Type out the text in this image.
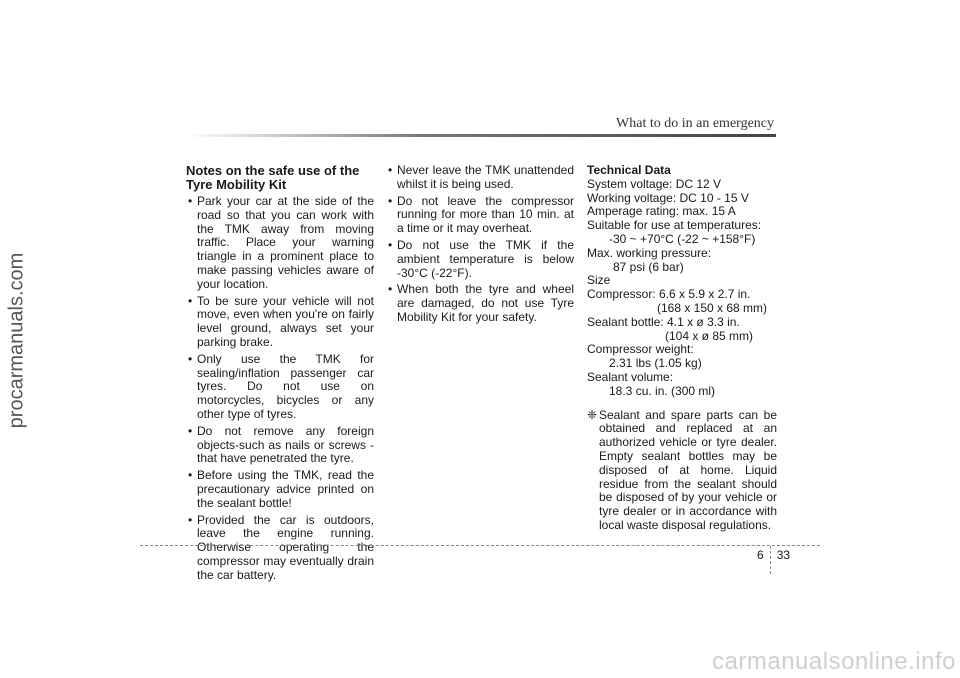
procarmanuals.com
What to do in an emergency
Notes on the safe use of the
Tyre Mobility Kit
• Park your car at the side of the road so that you can work with the TMK away from moving traffic. Place your warning triangle in a prominent place to make passing vehicles aware of your location.
• To be sure your vehicle will not move, even when you're on fairly level ground, always set your parking brake.
• Only use the TMK for sealing/inflation passenger car tyres. Do not use on motorcycles, bicycles or any other type of tyres.
• Do not remove any foreign objects-such as nails or screws -that have penetrated the tyre.
• Before using the TMK, read the precautionary advice printed on the sealant bottle!
• Provided the car is outdoors, leave the engine running. Otherwise operating the compressor may eventually drain the car battery.
• Never leave the TMK unattended whilst it is being used.
• Do not leave the compressor running for more than 10 min. at a time or it may overheat.
• Do not use the TMK if the ambient temperature is below -30°C (-22°F).
• When both the tyre and wheel are damaged, do not use Tyre Mobility Kit for your safety.

Technical Data

System voltage: DC 12 V

Working voltage: DC 10 - 15 V

Amperage rating: max. 15 A

Suitable for use at temperatures:

-30 ~ +70°C (-22 ~ +158°F)

Max. working pressure:

87 psi (6 bar)

Size

Compressor: 6.6 x 5.9 x 2.7 in.

(168 x 150 x 68 mm)

Sealant bottle: 4.1 x ø 3.3 in.

(104 x ø 85 mm)

Compressor weight:

2.31 lbs (1.05 kg)

Sealant volume:

18.3 cu. in. (300 ml)

❈ Sealant and spare parts can be obtained and replaced at an authorized vehicle or tyre dealer. Empty sealant bottles may be disposed of at home. Liquid residue from the sealant should be disposed of by your vehicle or tyre dealer or in accordance with local waste disposal regulations.
6	33
carmanualsonline.info
